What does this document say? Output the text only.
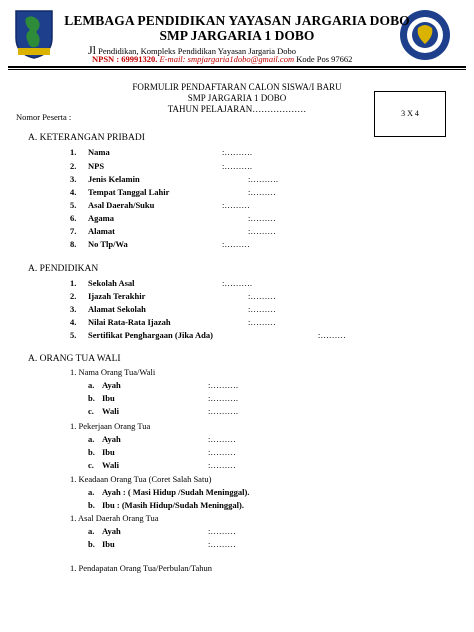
LEMBAGA PENDIDIKAN YAYASAN JARGARIA DOBO
SMP JARGARIA 1 DOBO
Jl Pendidikan, Kompleks Pendidikan Yayasan Jargaria Dobo
NPSN : 69991320. E-mail: smpjargaria1dobo@gmail.com Kode Pos 97662
FORMULIR PENDAFTARAN CALON SISWA/I BARU
SMP JARGARIA 1 DOBO
TAHUN PELAJARAN………………	3 X 4
Nomor Peserta :
A. KETERANGAN PRIBADI
1. Nama	:……….
2. NPS	:……….
3. Jenis Kelamin	:……….
4. Tempat Tanggal Lahir	:………
5. Asal Daerah/Suku	:………
6. Agama	:………
7. Alamat	:………
8. No Tlp/Wa	:………
A. PENDIDIKAN
1. Sekolah Asal	:……….
2. Ijazah Terakhir	:………
3. Alamat Sekolah	:………
4. Nilai Rata-Rata Ijazah	:………
5. Sertifikat Penghargaan (Jika Ada)	:………
A. ORANG TUA WALI
1. Nama Orang Tua/Wali
a. Ayah	:……….
b. Ibu	:……….
c. Wali	:……….
1. Pekerjaan Orang Tua
a. Ayah	:………
b. Ibu	:………
c. Wali	:………
1. Keadaan Orang Tua (Coret Salah Satu)
a. Ayah : ( Masi Hidup /Sudah Meninggal).
b. Ibu : (Masih Hidup/Sudah Meninggal).
1. Asal Daerah Orang Tua
a. Ayah	:………
b. Ibu	:………
1. Pendapatan Orang Tua/Perbulan/Tahun
